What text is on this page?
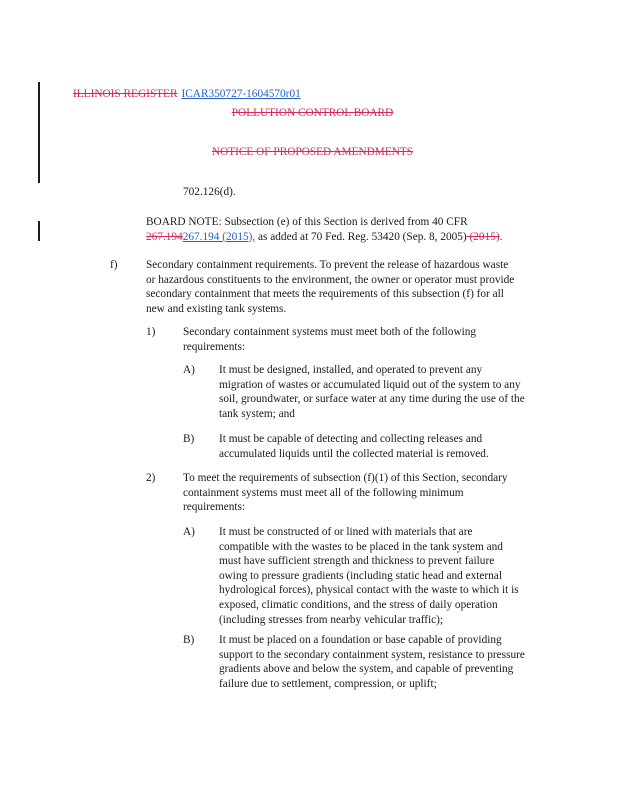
ILLINOIS REGISTER ICAR350727-1604570r01
POLLUTION CONTROL BOARD
NOTICE OF PROPOSED AMENDMENTS
702.126(d).
BOARD NOTE: Subsection (e) of this Section is derived from 40 CFR
267.194267.194 (2015), as added at 70 Fed. Reg. 53420 (Sep. 8, 2005) (2015).
f)	Secondary containment requirements. To prevent the release of hazardous waste
or hazardous constituents to the environment, the owner or operator must provide
secondary containment that meets the requirements of this subsection (f) for all
new and existing tank systems.
1) Secondary containment systems must meet both of the following
requirements:
A) It must be designed, installed, and operated to prevent any
migration of wastes or accumulated liquid out of the system to any
soil, groundwater, or surface water at any time during the use of the
tank system; and
B) It must be capable of detecting and collecting releases and
accumulated liquids until the collected material is removed.
2) To meet the requirements of subsection (f)(1) of this Section, secondary
containment systems must meet all of the following minimum
requirements:
A) It must be constructed of or lined with materials that are
compatible with the wastes to be placed in the tank system and
must have sufficient strength and thickness to prevent failure
owing to pressure gradients (including static head and external
hydrological forces), physical contact with the waste to which it is
exposed, climatic conditions, and the stress of daily operation
(including stresses from nearby vehicular traffic);
B) It must be placed on a foundation or base capable of providing
support to the secondary containment system, resistance to pressure
gradients above and below the system, and capable of preventing
failure due to settlement, compression, or uplift;
